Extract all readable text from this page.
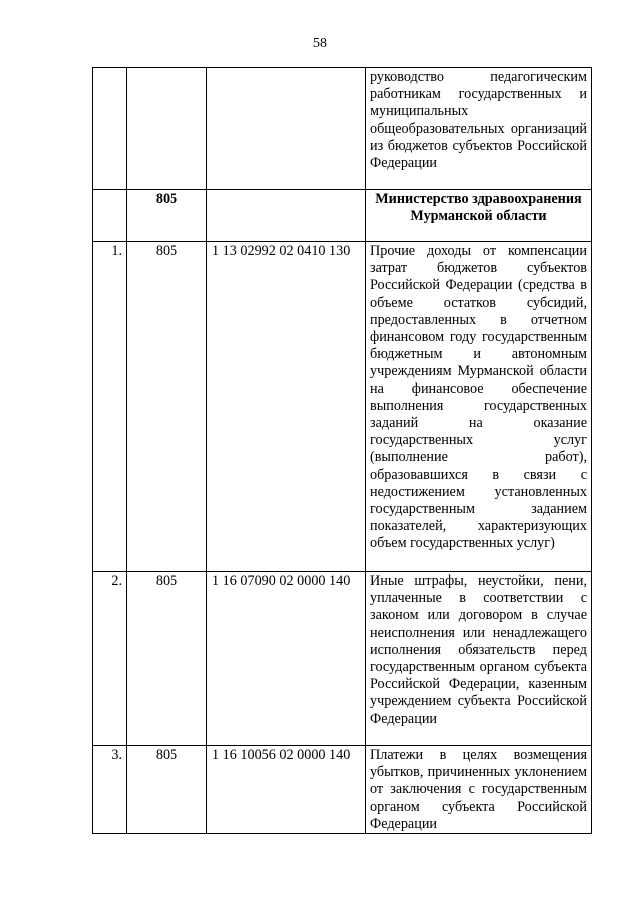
58
			руководство педагогическим работникам государственных и муниципальных общеобразовательных организаций из бюджетов субъектов Российской Федерации
	805		Министерство здравоохранения Мурманской области
1.	805	1 13 02992 02 0410 130	Прочие доходы от компенсации затрат бюджетов субъектов Российской Федерации (средства в объеме остатков субсидий, предоставленных в отчетном финансовом году государственным бюджетным и автономным учреждениям Мурманской области на финансовое обеспечение выполнения государственных заданий на оказание государственных услуг (выполнение работ), образовавшихся в связи с недостижением установленных государственным заданием показателей, характеризующих объем государственных услуг)
2.	805	1 16 07090 02 0000 140	Иные штрафы, неустойки, пени, уплаченные в соответствии с законом или договором в случае неисполнения или ненадлежащего исполнения обязательств перед государственным органом субъекта Российской Федерации, казенным учреждением субъекта Российской Федерации
3.	805	1 16 10056 02 0000 140	Платежи в целях возмещения убытков, причиненных уклонением от заключения с государственным органом субъекта Российской Федерации
